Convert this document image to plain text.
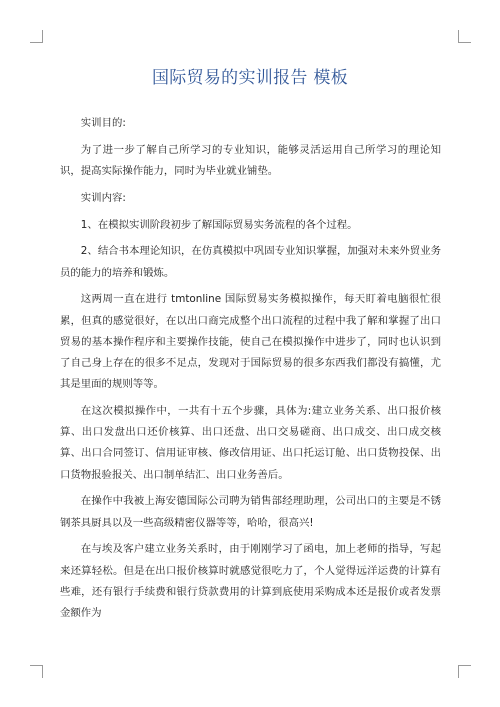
国际贸易的实训报告 模板

实训目的:

为了进一步了解自己所学习的专业知识，能够灵活运用自己所学习的理论知识，提高实际操作能力，同时为毕业就业铺垫。

实训内容:

1、在模拟实训阶段初步了解国际贸易实务流程的各个过程。

2、结合书本理论知识，在仿真模拟中巩固专业知识掌握，加强对未来外贸业务员的能力的培养和锻炼。

这两周一直在进行 tmtonline 国际贸易实务模拟操作，每天盯着电脑很忙很累，但真的感觉很好，在以出口商完成整个出口流程的过程中我了解和掌握了出口贸易的基本操作程序和主要操作技能，使自己在模拟操作中进步了，同时也认识到了自己身上存在的很多不足点，发现对于国际贸易的很多东西我们都没有搞懂，尤其是里面的规则等等。

在这次模拟操作中，一共有十五个步骤，具体为:建立业务关系、出口报价核算、出口发盘出口还价核算、出口还盘、出口交易磋商、出口成交、出口成交核算、出口合同签订、信用证审核、修改信用证、出口托运订舱、出口货物投保、出口货物报验报关、出口制单结汇、出口业务善后。

在操作中我被上海安德国际公司聘为销售部经理助理，公司出口的主要是不锈钢茶具厨具以及一些高级精密仪器等等，哈哈，很高兴!

在与埃及客户建立业务关系时，由于刚刚学习了函电，加上老师的指导，写起来还算轻松。但是在出口报价核算时就感觉很吃力了，个人觉得远洋运费的计算有些难，还有银行手续费和银行贷款费用的计算到底使用采购成本还是报价或者发票金额作为
